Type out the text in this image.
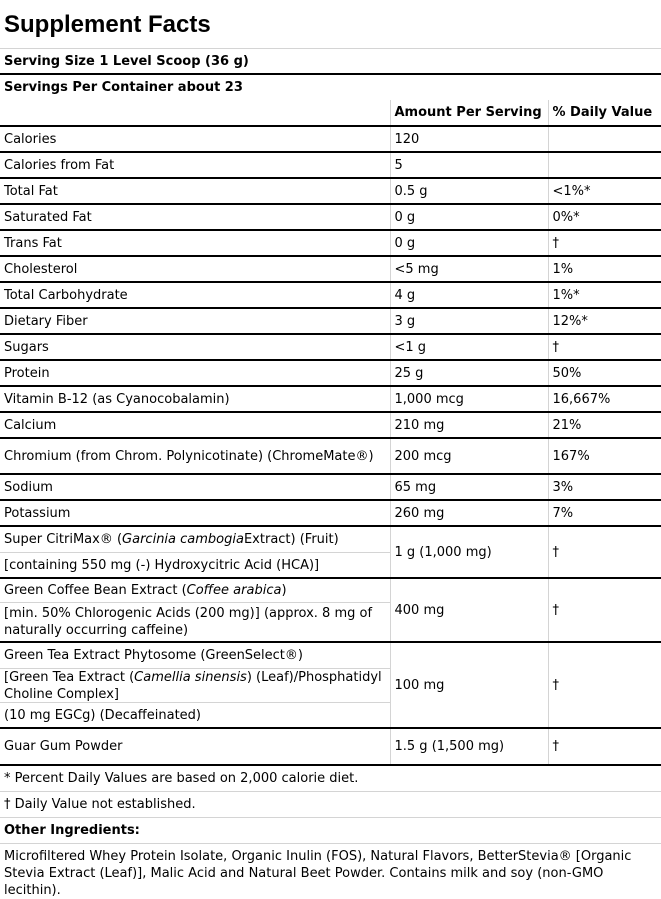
Supplement Facts
Serving Size 1 Level Scoop (36 g)
Servings Per Container about 23
	Amount Per Serving	% Daily Value
Calories	120	
Calories from Fat	5	
Total Fat	0.5 g	<1%*
Saturated Fat	0 g	0%*
Trans Fat	0 g	†
Cholesterol	<5 mg	1%
Total Carbohydrate	4 g	1%*
Dietary Fiber	3 g	12%*
Sugars	<1 g	†
Protein	25 g	50%
Vitamin B-12 (as Cyanocobalamin)	1,000 mcg	16,667%
Calcium	210 mg	21%
Chromium (from Chrom. Polynicotinate) (ChromeMate®)	200 mcg	167%
Sodium	65 mg	3%
Potassium	260 mg	7%

Super CitriMax® ( Garcinia cambogia Extract) (Fruit)
[containing 550 mg (-) Hydroxycitric Acid (HCA)]	1 g (1,000 mg)	†

Green Coffee Bean Extract ( Coffee arabica )
[min. 50% Chlorogenic Acids (200 mg)] (approx. 8 mg of naturally occurring caffeine)	400 mg	†

Green Tea Extract Phytosome (GreenSelect®)
[Green Tea Extract (Camellia sinensis) (Leaf)/Phosphatidyl Choline Complex]
(10 mg EGCg) (Decaffeinated)	100 mg	†
Guar Gum Powder	1.5 g (1,500 mg)	†
* Percent Daily Values are based on 2,000 calorie diet.
† Daily Value not established.
Other Ingredients:
Microfiltered Whey Protein Isolate, Organic Inulin (FOS), Natural Flavors, BetterStevia® [Organic Stevia Extract (Leaf)], Malic Acid and Natural Beet Powder. Contains milk and soy (non-GMO lecithin).
